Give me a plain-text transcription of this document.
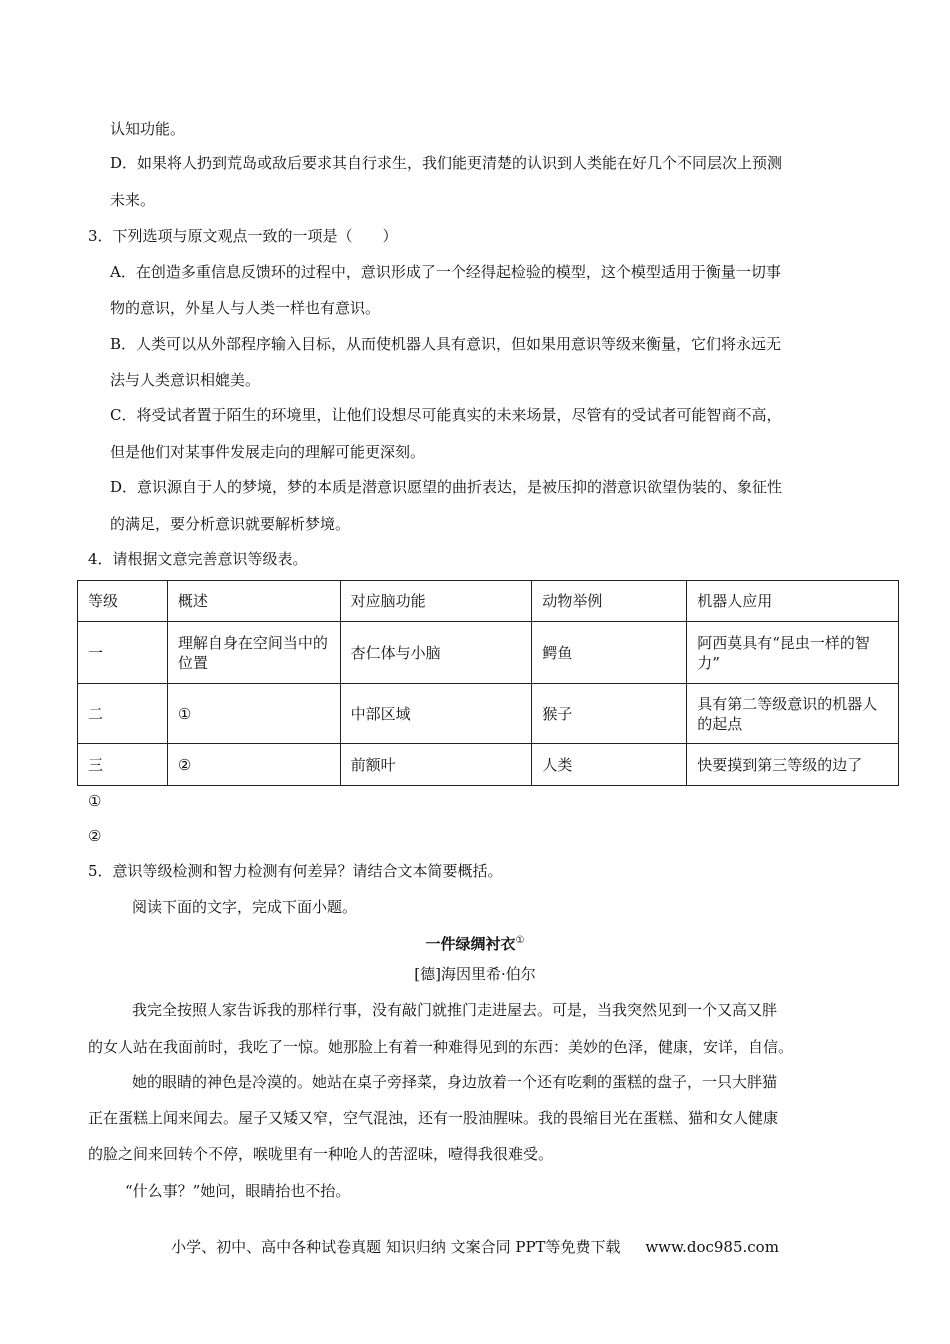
认知功能。
D．如果将人扔到荒岛或敌后要求其自行求生，我们能更清楚的认识到人类能在好几个不同层次上预测
未来。
3．下列选项与原文观点一致的一项是（　　）
A．在创造多重信息反馈环的过程中，意识形成了一个经得起检验的模型，这个模型适用于衡量一切事
物的意识，外星人与人类一样也有意识。
B．人类可以从外部程序输入目标，从而使机器人具有意识，但如果用意识等级来衡量，它们将永远无
法与人类意识相媲美。
C．将受试者置于陌生的环境里，让他们设想尽可能真实的未来场景，尽管有的受试者可能智商不高，
但是他们对某事件发展走向的理解可能更深刻。
D．意识源自于人的梦境，梦的本质是潜意识愿望的曲折表达，是被压抑的潜意识欲望伪装的、象征性
的满足，要分析意识就要解析梦境。
4．请根据文意完善意识等级表。
等级	概述	对应脑功能	动物举例	机器人应用
一	理解自身在空间当中的位置	杏仁体与小脑	鳄鱼	阿西莫具有“昆虫一样的智力”
二	①	中部区域	猴子	具有第二等级意识的机器人的起点
三	②	前额叶	人类	快要摸到第三等级的边了
①
②
5．意识等级检测和智力检测有何差异？请结合文本简要概括。
阅读下面的文字，完成下面小题。
一件绿绸衬衣①
[德]海因里希·伯尔
我完全按照人家告诉我的那样行事，没有敲门就推门走进屋去。可是，当我突然见到一个又高又胖
的女人站在我面前时，我吃了一惊。她那脸上有着一种难得见到的东西：美妙的色泽，健康，安详，自信。
她的眼睛的神色是冷漠的。她站在桌子旁择菜，身边放着一个还有吃剩的蛋糕的盘子，一只大胖猫
正在蛋糕上闻来闻去。屋子又矮又窄，空气混浊，还有一股油腥味。我的畏缩目光在蛋糕、猫和女人健康
的脸之间来回转个不停，喉咙里有一种呛人的苦涩味，噎得我很难受。
“什么事？”她问，眼睛抬也不抬。
小学、初中、高中各种试卷真题 知识归纳 文案合同 PPT等免费下载 www.doc985.com
